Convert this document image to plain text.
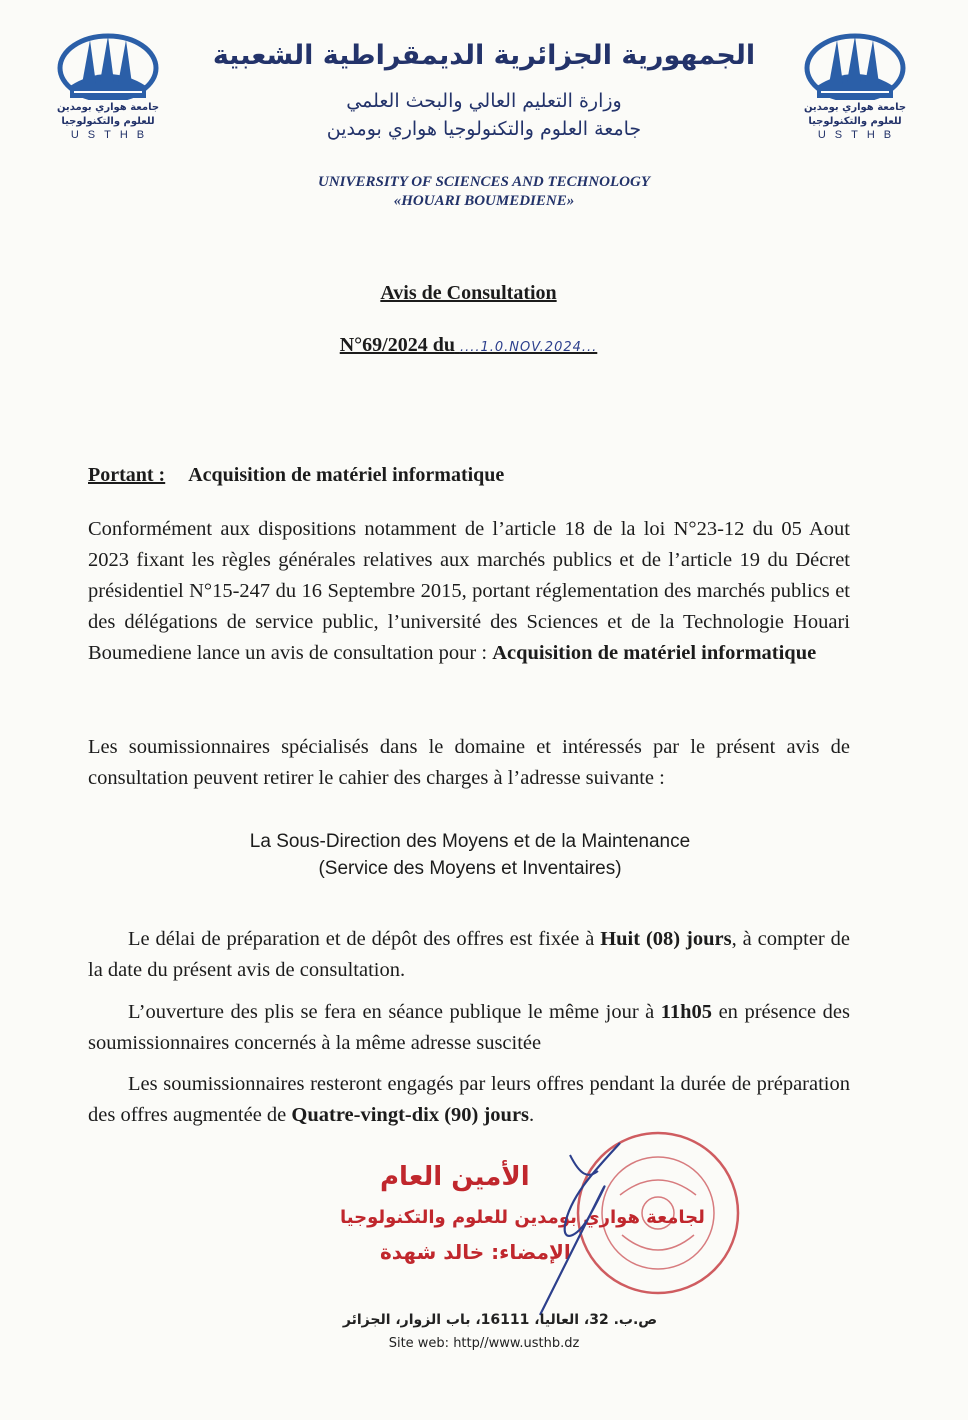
جامعة هواري بومدين
للعلوم والتكنولوجيا
USTHB
جامعة هواري بومدين
للعلوم والتكنولوجيا
USTHB
الجمهورية الجزائرية الديمقراطية الشعبية
وزارة التعليم العالي والبحث العلمي
جامعة العلوم والتكنولوجيا هواري بومدين
UNIVERSITY OF SCIENCES AND TECHNOLOGY
«HOUARI BOUMEDIENE»
Avis de Consultation
N°69/2024 du ....1.0.NOV.2024...
Portant : Acquisition de matériel informatique
Conformément aux dispositions notamment de l’article 18 de la loi N°23-12 du 05 Aout 2023 fixant les règles générales relatives aux marchés publics et de l’article 19 du Décret présidentiel N°15-247 du 16 Septembre 2015, portant réglementation des marchés publics et des délégations de service public, l’université des Sciences et de la Technologie Houari Boumediene lance un avis de consultation pour : Acquisition de matériel informatique
Les soumissionnaires spécialisés dans le domaine et intéressés par le présent avis de consultation peuvent retirer le cahier des charges à l’adresse suivante :
La Sous-Direction des Moyens et de la Maintenance
(Service des Moyens et Inventaires)
Le délai de préparation et de dépôt des offres est fixée à Huit (08) jours, à compter de la date du présent avis de consultation.
L’ouverture des plis se fera en séance publique le même jour à 11h05 en présence des soumissionnaires concernés à la même adresse suscitée
Les soumissionnaires resteront engagés par leurs offres pendant la durée de préparation des offres augmentée de Quatre-vingt-dix (90) jours.
الأمين العام
لجامعة هواري بومدين للعلوم والتكنولوجيا
الإمضاء: خالد شهدة
ص.ب. 32، العاليا، 16111، باب الزوار، الجزائر
Site web: http//www.usthb.dz
